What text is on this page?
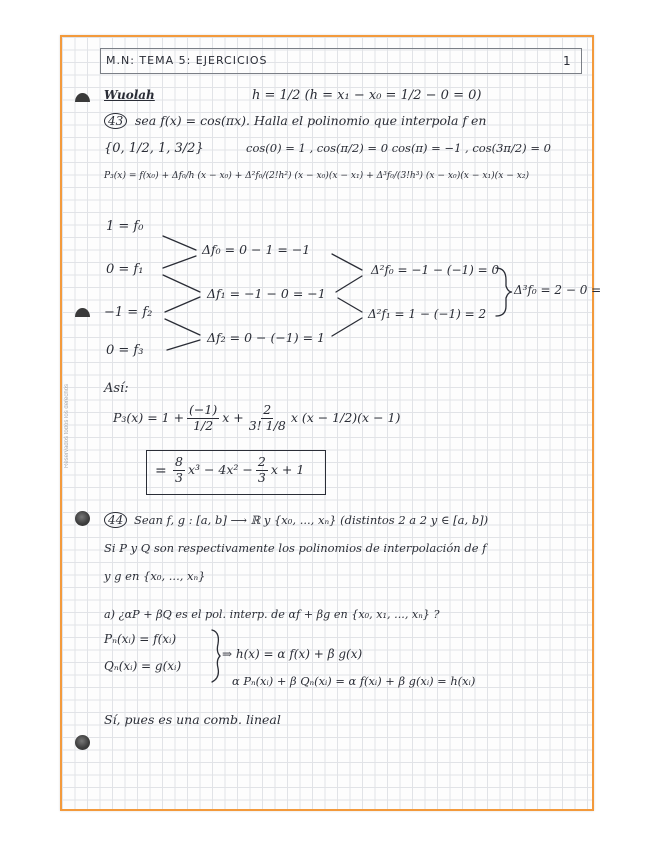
Reservados todos los derechos
M.N: TEMA 5: EJERCICIOS	1
Wuolah	h = 1/2 (h = x₁ − x₀ = 1/2 − 0 = 0)
43 sea f(x) = cos(πx). Halla el polinomio que interpola f en
{0, 1/2, 1, 3/2}	cos(0) = 1 , cos(π/2) = 0 cos(π) = −1 , cos(3π/2) = 0
P₃(x) = f(x₀) + Δf₀/h (x − x₀) + Δ²f₀/(2!h²) (x − x₀)(x − x₁) + Δ³f₀/(3!h³) (x − x₀)(x − x₁)(x − x₂)
1 = f₀
0 = f₁
−1 = f₂
0 = f₃
Δf₀ = 0 − 1 = −1
Δf₁ = −1 − 0 = −1
Δf₂ = 0 − (−1) = 1
Δ²f₀ = −1 − (−1) = 0
Δ²f₁ = 1 − (−1) = 2
Δ³f₀ = 2 − 0 =
Así:
$P_3(x) = 1 + \frac{(-1)}{1/2}$ $x + \frac{2}{3! 1/8}$ x (x − 1/2)(x − 1)
= $\frac{8}{3} x^3 - 4x^2 - \frac{2}{3}$ x + 1
44 Sean f, g : [a, b] ⟶ ℝ y {x₀, ..., xₙ} (distintos 2 a 2 y ∈ [a, b])
Si P y Q son respectivamente los polinomios de interpolación de f
y g en {x₀, ..., xₙ}
a) ¿αP + βQ es el pol. interp. de αf + βg en {x₀, x₁, ..., xₙ} ?
Pₙ(xᵢ) = f(xᵢ)
Qₙ(xᵢ) = g(xᵢ)
⇒ h(x) = α f(x) + β g(x)
α Pₙ(xᵢ) + β Qₙ(xᵢ) = α f(xᵢ) + β g(xᵢ) = h(xᵢ)
Sí, pues es una comb. lineal
